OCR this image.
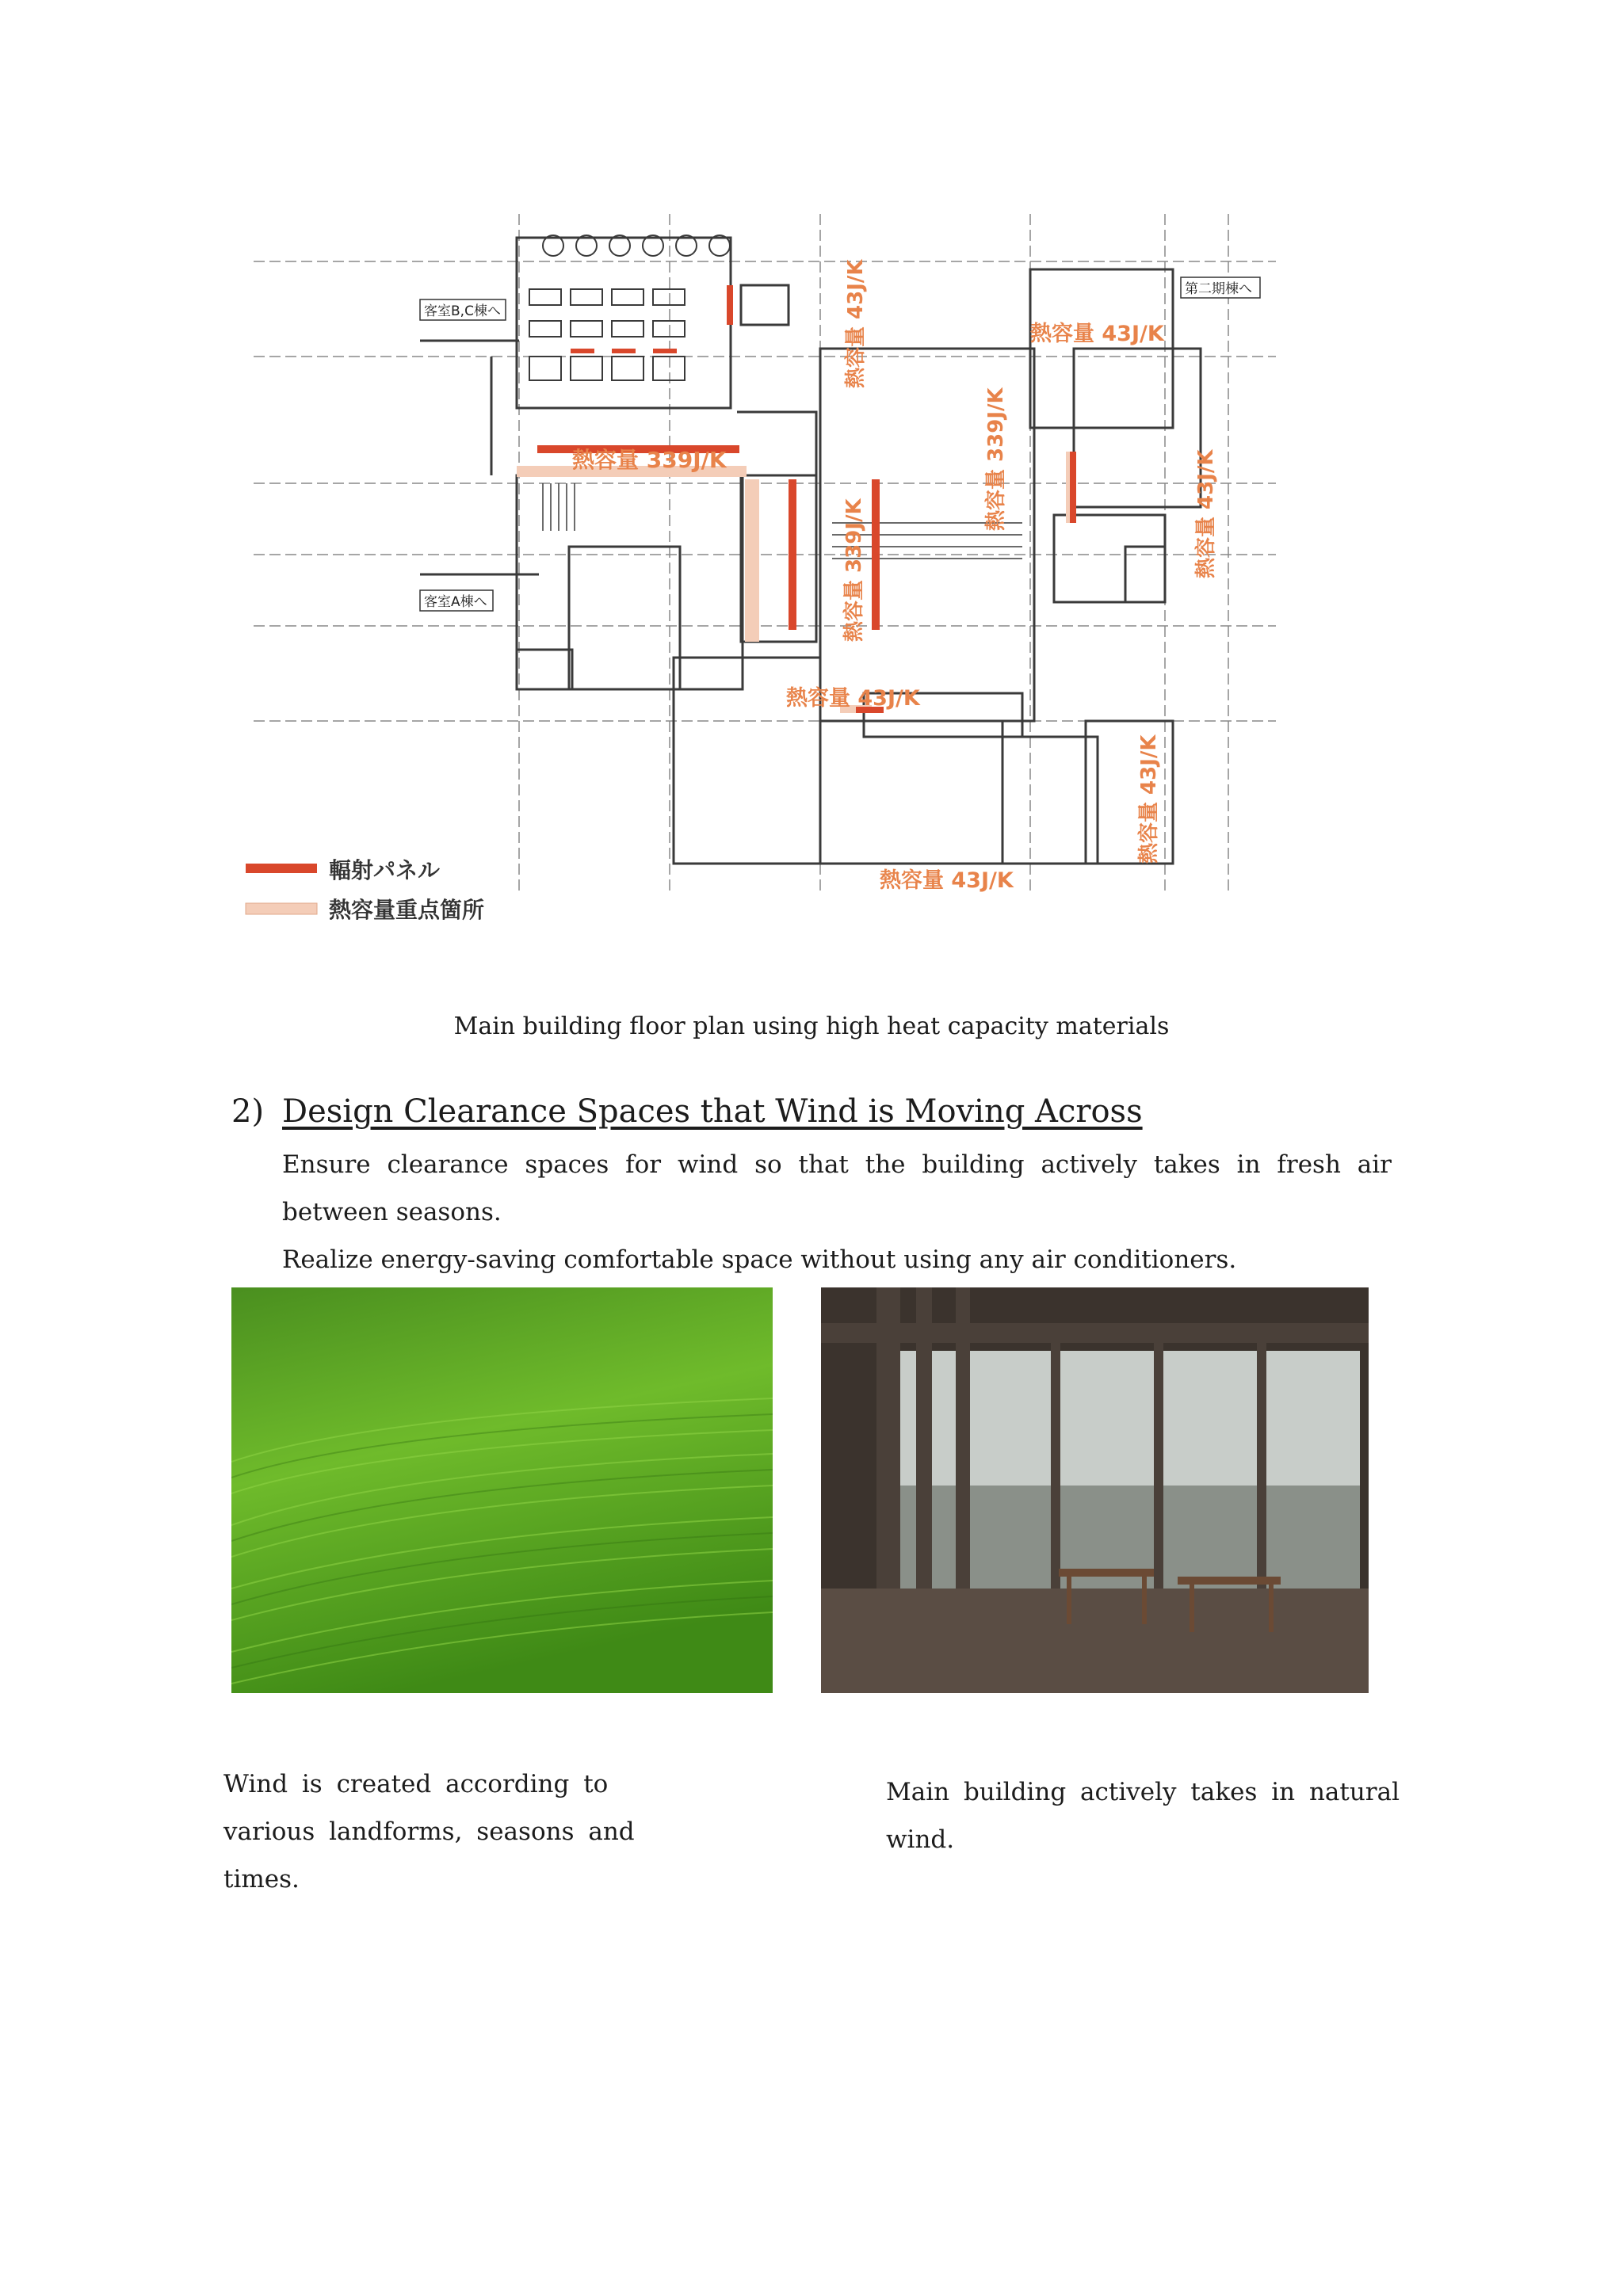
熱容量 339J/K
熱容量 339J/K
熱容量 339J/K
熱容量 43J/K	熱容量 43J/K
熱容量 43J/K
熱容量 43J/K
熱容量 43J/K
熱容量 43J/K
客室B,C棟へ
客室A棟へ
第二期棟へ
輻射パネル
熱容量重点箇所
Main building floor plan using high heat capacity materials
2) Design Clearance Spaces that Wind is Moving Across
Ensure clearance spaces for wind so that the building actively takes in fresh air between seasons.
Realize energy-saving comfortable space without using any air conditioners.
Wind is created according to various landforms, seasons and times.
Main building actively takes in natural wind.
